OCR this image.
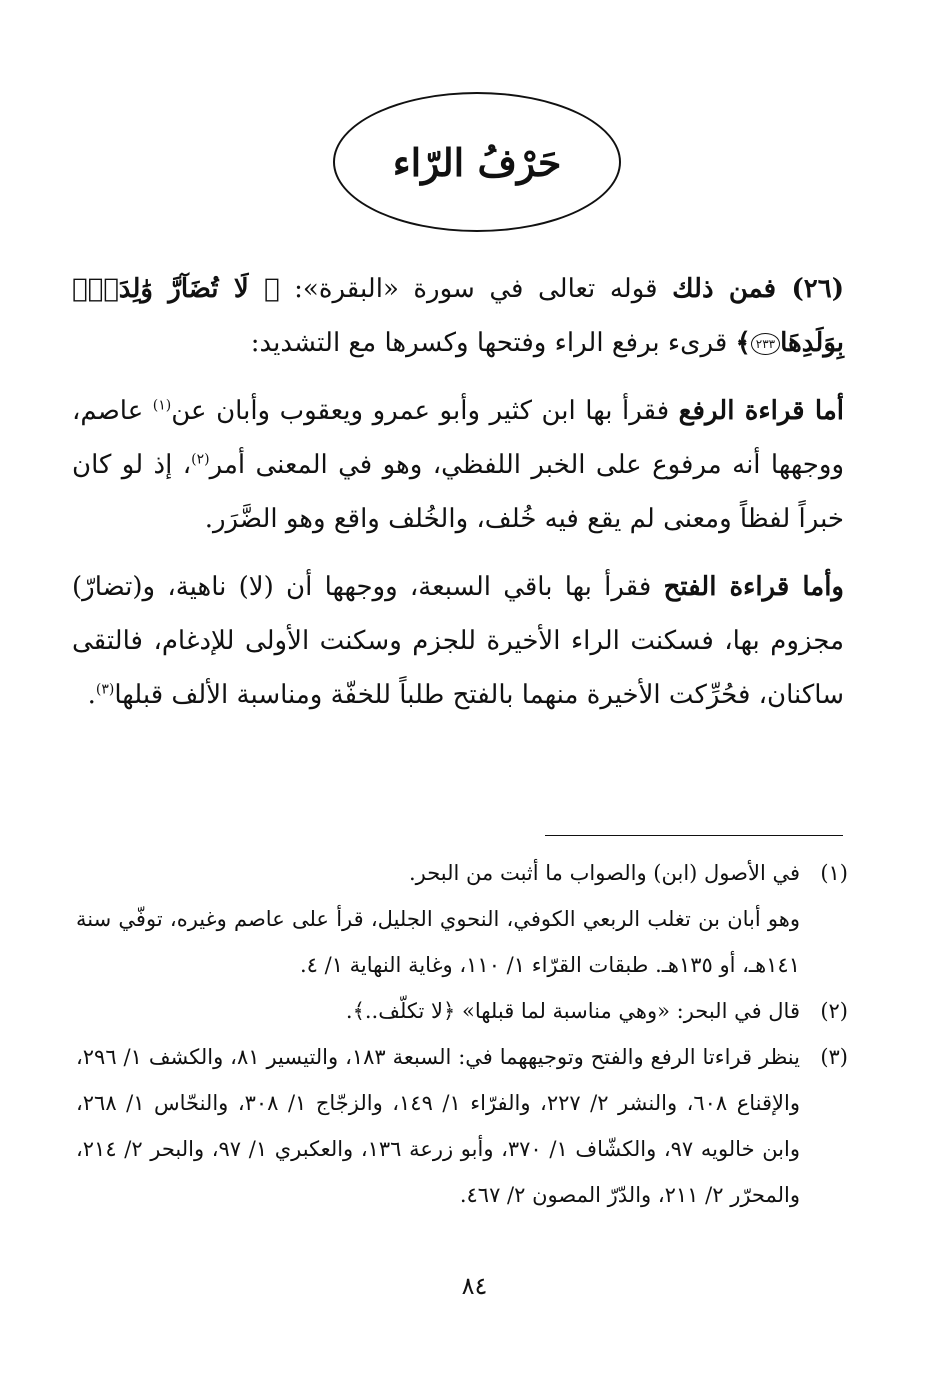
حَرْفُ الرّاء

(٢٦) فمن ذلك قوله تعالى في سورة «البقرة»: ﴿ لَا تُضَآرَّ وَٰلِدَةُۢ بِوَلَدِهَا٢٣٣﴾ قرىء برفع الراء وفتحها وكسرها مع التشديد:

أما قراءة الرفع فقرأ بها ابن كثير وأبو عمرو ويعقوب وأبان عن$^{(١)}$ عاصم، ووجهها أنه مرفوع على الخبر اللفظي، وهو في المعنى أمر$^{(٢)}$، إذ لو كان خبراً لفظاً ومعنى لم يقع فيه خُلف، والخُلف واقع وهو الضَّرَر.

وأما قراءة الفتح فقرأ بها باقي السبعة، ووجهها أن (لا) ناهية، و(تضارّ) مجزوم بها، فسكنت الراء الأخيرة للجزم وسكنت الأولى للإدغام، فالتقى ساكنان، فحُرِّكت الأخيرة منهما بالفتح طلباً للخفّة ومناسبة الألف قبلها$^{(٣)}$.

(١)

في الأصول (ابن) والصواب ما أثبت من البحر.

وهو أبان بن تغلب الربعي الكوفي، النحوي الجليل، قرأ على عاصم وغيره، توفّي سنة ١٤١هـ، أو ١٣٥هـ. طبقات القرّاء ١/ ١١٠، وغاية النهاية ١/ ٤.

(٢)

قال في البحر: «وهي مناسبة لما قبلها» ﴿لا تكلّف..﴾.

(٣)

ينظر قراءتا الرفع والفتح وتوجيههما في: السبعة ١٨٣، والتيسير ٨١، والكشف ١/ ٢٩٦، والإقناع ٦٠٨، والنشر ٢/ ٢٢٧، والفرّاء ١/ ١٤٩، والزجّاج ١/ ٣٠٨، والنحّاس ١/ ٢٦٨، وابن خالويه ٩٧، والكشّاف ١/ ٣٧٠، وأبو زرعة ١٣٦، والعكبري ١/ ٩٧، والبحر ٢/ ٢١٤، والمحرّر ٢/ ٢١١، والدّرّ المصون ٢/ ٤٦٧.

٨٤
